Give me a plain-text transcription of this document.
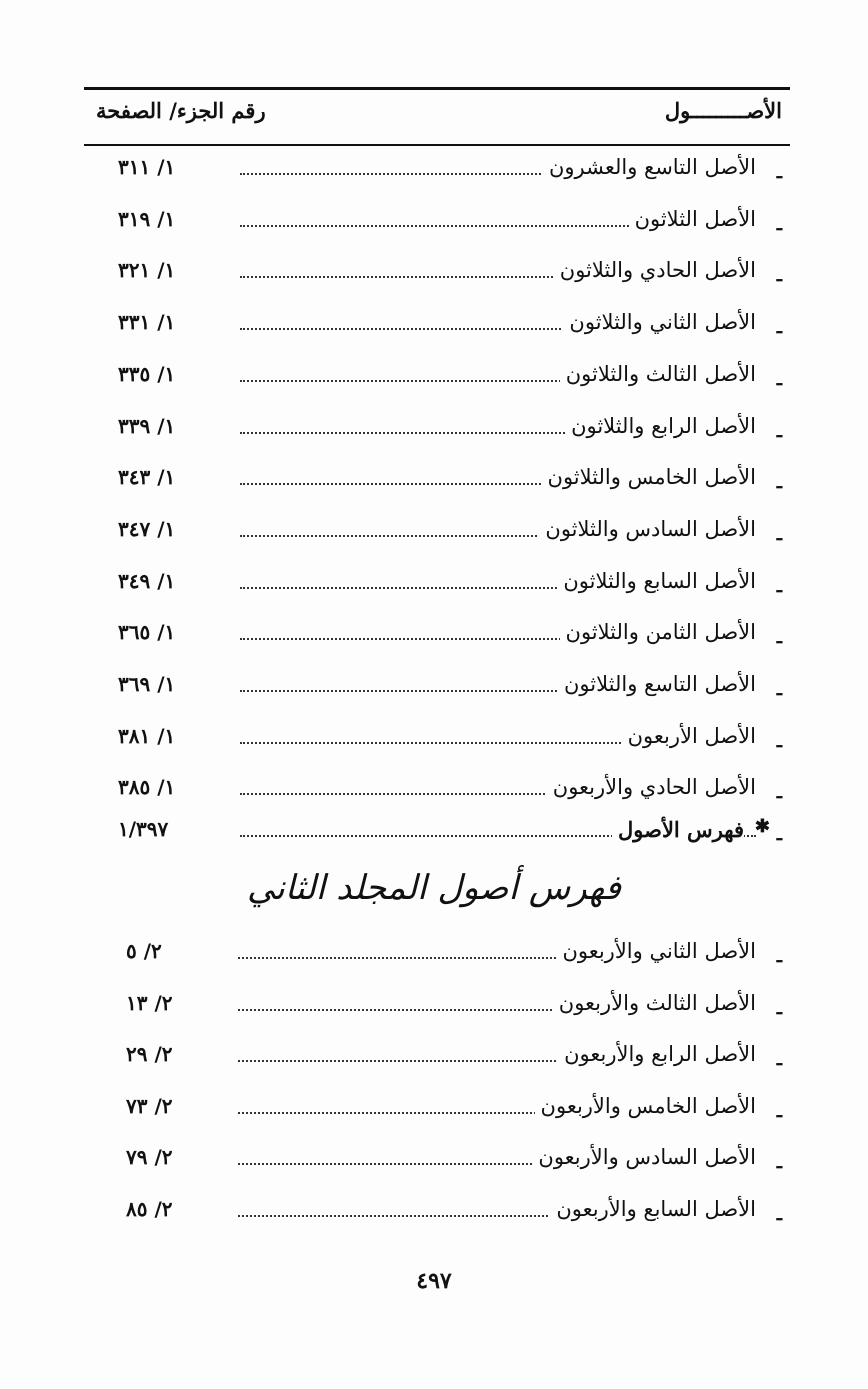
الأصـــــــــول
رقم الجزء/ الصفحة
ـ
الأصل التاسع والعشرون
١/ ٣١١
ـ
الأصل الثلاثون
١/ ٣١٩
ـ
الأصل الحادي والثلاثون
١/ ٣٢١
ـ
الأصل الثاني والثلاثون
١/ ٣٣١
ـ
الأصل الثالث والثلاثون
١/ ٣٣٥
ـ
الأصل الرابع والثلاثون
١/ ٣٣٩
ـ
الأصل الخامس والثلاثون
١/ ٣٤٣
ـ
الأصل السادس والثلاثون
١/ ٣٤٧
ـ
الأصل السابع والثلاثون
١/ ٣٤٩
ـ
الأصل الثامن والثلاثون
١/ ٣٦٥
ـ
الأصل التاسع والثلاثون
١/ ٣٦٩
ـ
الأصل الأربعون
١/ ٣٨١
ـ
الأصل الحادي والأربعون
١/ ٣٨٥
ـ
✱
فهرس الأصول
١/٣٩٧
فهرس أصول المجلد الثاني
ـ
الأصل الثاني والأربعون
٢/ ٥
ـ
الأصل الثالث والأربعون
٢/ ١٣
ـ
الأصل الرابع والأربعون
٢/ ٢٩
ـ
الأصل الخامس والأربعون
٢/ ٧٣
ـ
الأصل السادس والأربعون
٢/ ٧٩
ـ
الأصل السابع والأربعون
٢/ ٨٥
٤٩٧
